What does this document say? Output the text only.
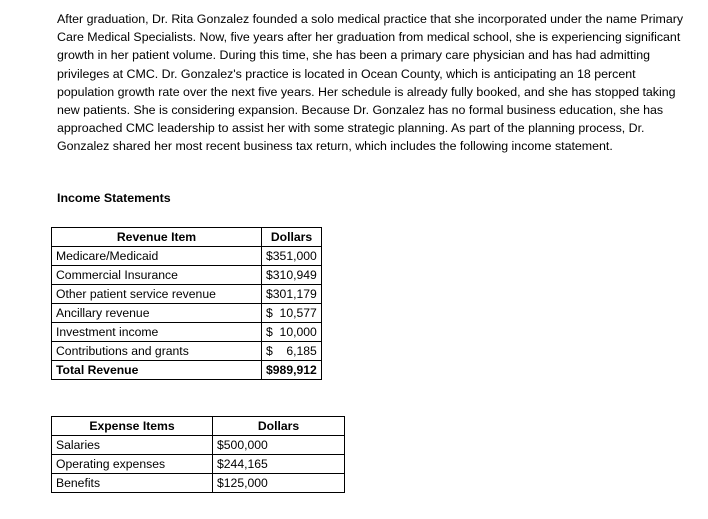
After graduation, Dr. Rita Gonzalez founded a solo medical practice that she incorporated under the name Primary Care Medical Specialists. Now, five years after her graduation from medical school, she is experiencing significant growth in her patient volume. During this time, she has been a primary care physician and has had admitting privileges at CMC. Dr. Gonzalez's practice is located in Ocean County, which is anticipating an 18 percent population growth rate over the next five years. Her schedule is already fully booked, and she has stopped taking new patients. She is considering expansion. Because Dr. Gonzalez has no formal business education, she has approached CMC leadership to assist her with some strategic planning. As part of the planning process, Dr. Gonzalez shared her most recent business tax return, which includes the following income statement.

Income Statements

Revenue Item	Dollars
Medicare/Medicaid	$351,000
Commercial Insurance	$310,949
Other patient service revenue	$301,179
Ancillary revenue	$  10,577
Investment income	$  10,000
Contributions and grants	$    6,185
Total Revenue	$989,912
Expense Items	Dollars
Salaries	$500,000
Operating expenses	$244,165
Benefits	$125,000
